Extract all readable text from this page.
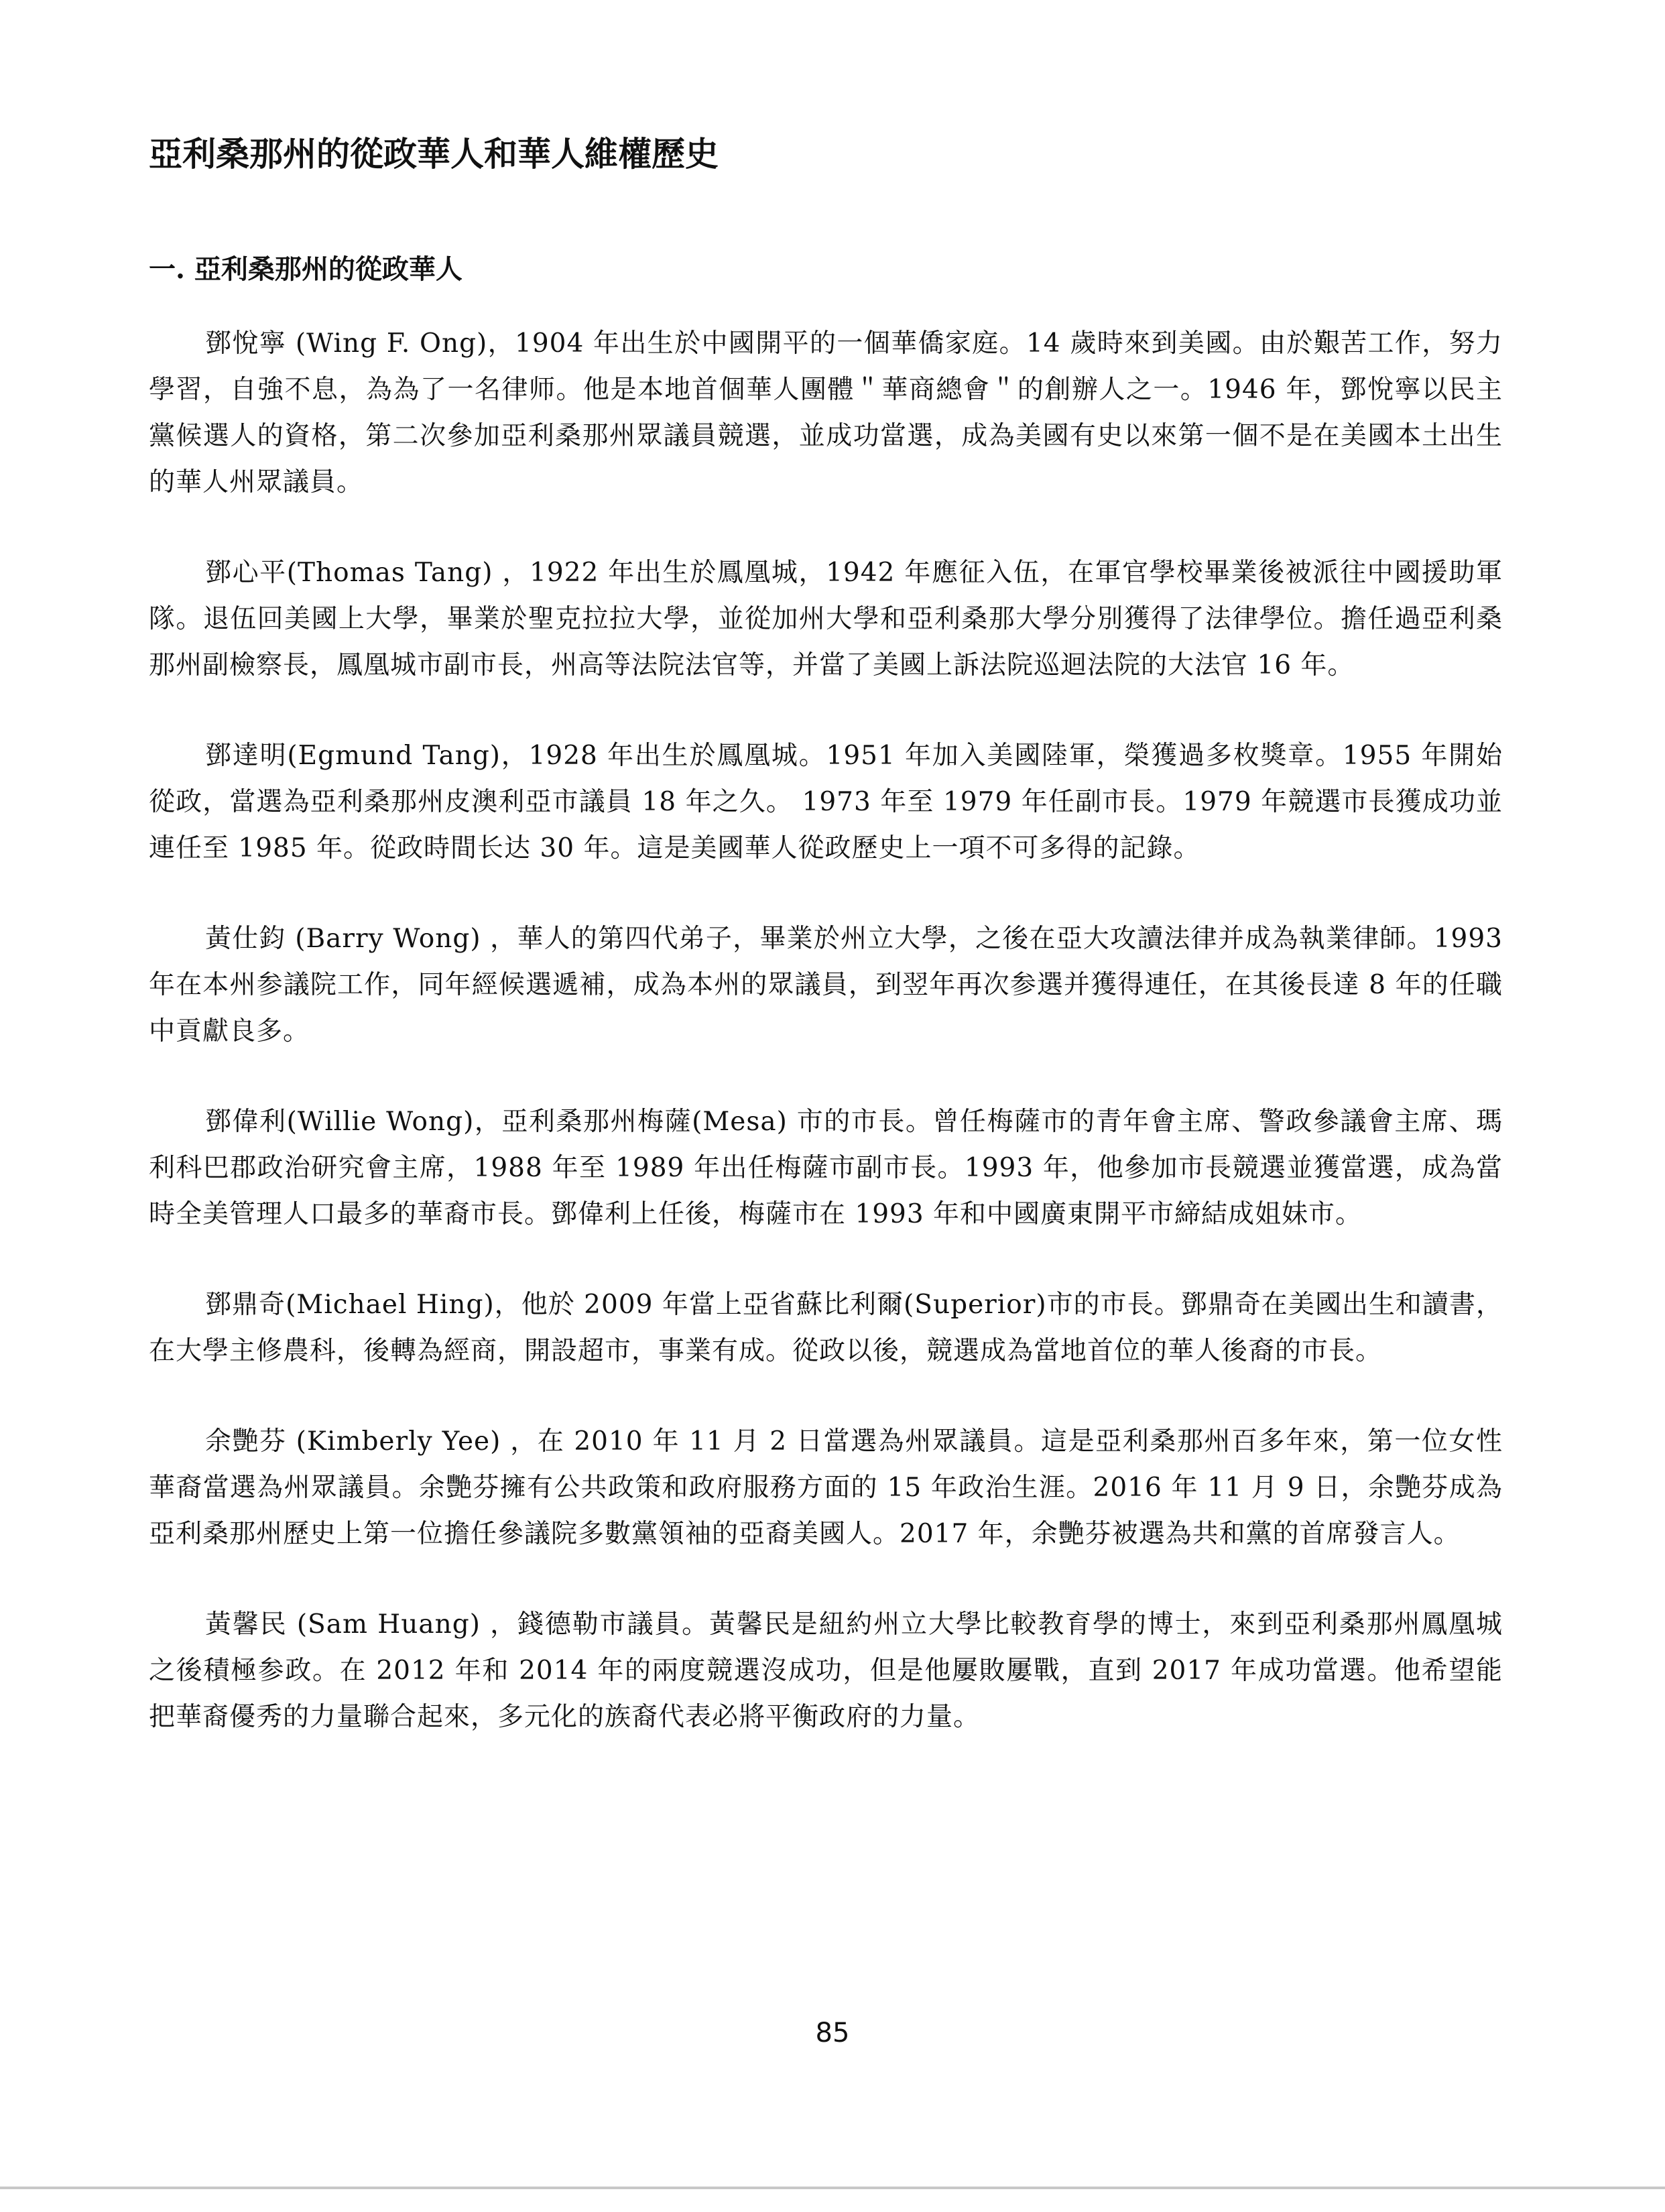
亞利桑那州的從政華人和華人維權歷史
一. 亞利桑那州的從政華人

鄧悅寧 (Wing F. Ong)，1904 年出生於中國開平的一個華僑家庭。14 歲時來到美國。由於艱苦工作，努力學習，自強不息，為為了一名律师。他是本地首個華人團體＂華商總會＂的創辦人之一。1946 年，鄧悅寧以民主黨候選人的資格，第二次參加亞利桑那州眾議員競選，並成功當選，成為美國有史以來第一個不是在美國本土出生的華人州眾議員。

鄧心平(Thomas Tang) ，1922 年出生於鳳凰城，1942 年應征入伍，在軍官學校畢業後被派往中國援助軍隊。退伍回美國上大學，畢業於聖克拉拉大學，並從加州大學和亞利桑那大學分別獲得了法律學位。擔任過亞利桑那州副檢察長，鳳凰城市副市長，州高等法院法官等，并當了美國上訴法院巡迴法院的大法官 16 年。

鄧達明(Egmund Tang)，1928 年出生於鳳凰城。1951 年加入美國陸軍，榮獲過多枚獎章。1955 年開始從政，當選為亞利桑那州皮澳利亞市議員 18 年之久。 1973 年至 1979 年任副市長。1979 年競選市長獲成功並連任至 1985 年。從政時間长达 30 年。這是美國華人從政歷史上一項不可多得的記錄。

黃仕鈞 (Barry Wong) ，華人的第四代弟子，畢業於州立大學，之後在亞大攻讀法律并成為執業律師。1993 年在本州参議院工作，同年經候選遞補，成為本州的眾議員，到翌年再次参選并獲得連任，在其後長達 8 年的任職中貢獻良多。

鄧偉利(Willie Wong)，亞利桑那州梅薩(Mesa) 市的市長。曾任梅薩市的青年會主席、警政參議會主席、瑪利科巴郡政治研究會主席，1988 年至 1989 年出任梅薩市副市長。1993 年，他參加市長競選並獲當選，成為當時全美管理人口最多的華裔市長。鄧偉利上任後，梅薩市在 1993 年和中國廣東開平市締結成姐妹市。

鄧鼎奇(Michael Hing)，他於 2009 年當上亞省蘇比利爾(Superior)市的市長。鄧鼎奇在美國出生和讀書，在大學主修農科，後轉為經商，開設超市，事業有成。從政以後，競選成為當地首位的華人後裔的市長。

余艷芬 (Kimberly Yee) ，在 2010 年 11 月 2 日當選為州眾議員。這是亞利桑那州百多年來，第一位女性華裔當選為州眾議員。余艷芬擁有公共政策和政府服務方面的 15 年政治生涯。2016 年 11 月 9 日，余艷芬成為亞利桑那州歷史上第一位擔任參議院多數黨領袖的亞裔美國人。2017 年，余艷芬被選為共和黨的首席發言人。

黃馨民 (Sam Huang) ，錢德勒市議員。黃馨民是紐約州立大學比較教育學的博士，來到亞利桑那州鳳凰城之後積極参政。在 2012 年和 2014 年的兩度競選沒成功，但是他屢敗屢戰，直到 2017 年成功當選。他希望能把華裔優秀的力量聯合起來，多元化的族裔代表必將平衡政府的力量。

85
